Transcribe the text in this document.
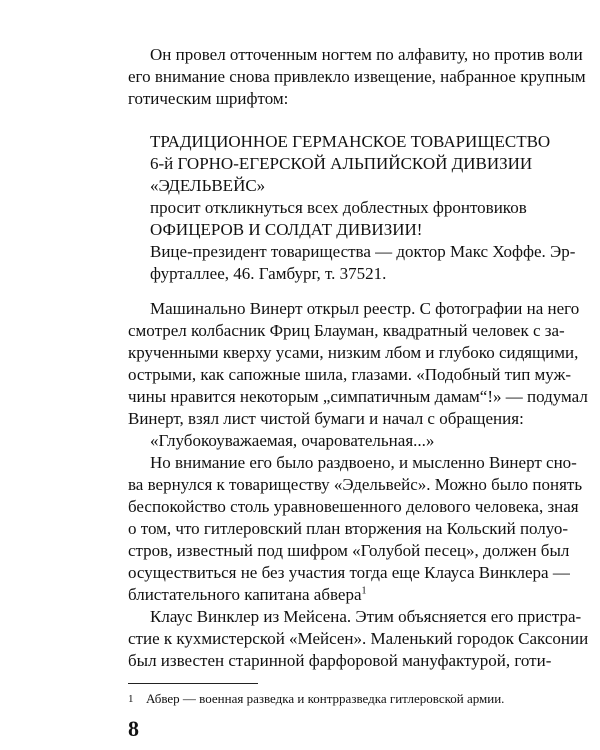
Он провел отточенным ногтем по алфавиту, но против воли
его внимание снова привлекло извещение, набранное крупным
готическим шрифтом:
ТРАДИЦИОННОЕ ГЕРМАНСКОЕ ТОВАРИЩЕСТВО
6-й ГОРНО-ЕГЕРСКОЙ АЛЬПИЙСКОЙ ДИВИЗИИ
«ЭДЕЛЬВЕЙС»
просит откликнуться всех доблестных фронтовиков
ОФИЦЕРОВ И СОЛДАТ ДИВИЗИИ!
Вице-президент товарищества — доктор Макс Хоффе. Эр-
фурталлее, 46. Гамбург, т. 37521.
Машинально Винерт открыл реестр. С фотографии на него
смотрел колбасник Фриц Блауман, квадратный человек с за-
крученными кверху усами, низким лбом и глубоко сидящими,
острыми, как сапожные шила, глазами. «Подобный тип муж-
чины нравится некоторым „симпатичным дамам“!» — подумал
Винерт, взял лист чистой бумаги и начал с обращения:
«Глубокоуважаемая, очаровательная...»
Но внимание его было раздвоено, и мысленно Винерт сно-
ва вернулся к товариществу «Эдельвейс». Можно было понять
беспокойство столь уравновешенного делового человека, зная
о том, что гитлеровский план вторжения на Кольский полуо-
стров, известный под шифром «Голубой песец», должен был
осуществиться не без участия тогда еще Клауса Винклера —
блистательного капитана абвера$^1$
Клаус Винклер из Мейсена. Этим объясняется его пристра-
стие к кухмистерской «Мейсен». Маленький городок Саксонии
был известен старинной фарфоровой мануфактурой, готи-
1 Абвер — военная разведка и контрразведка гитлеровской армии.
8
